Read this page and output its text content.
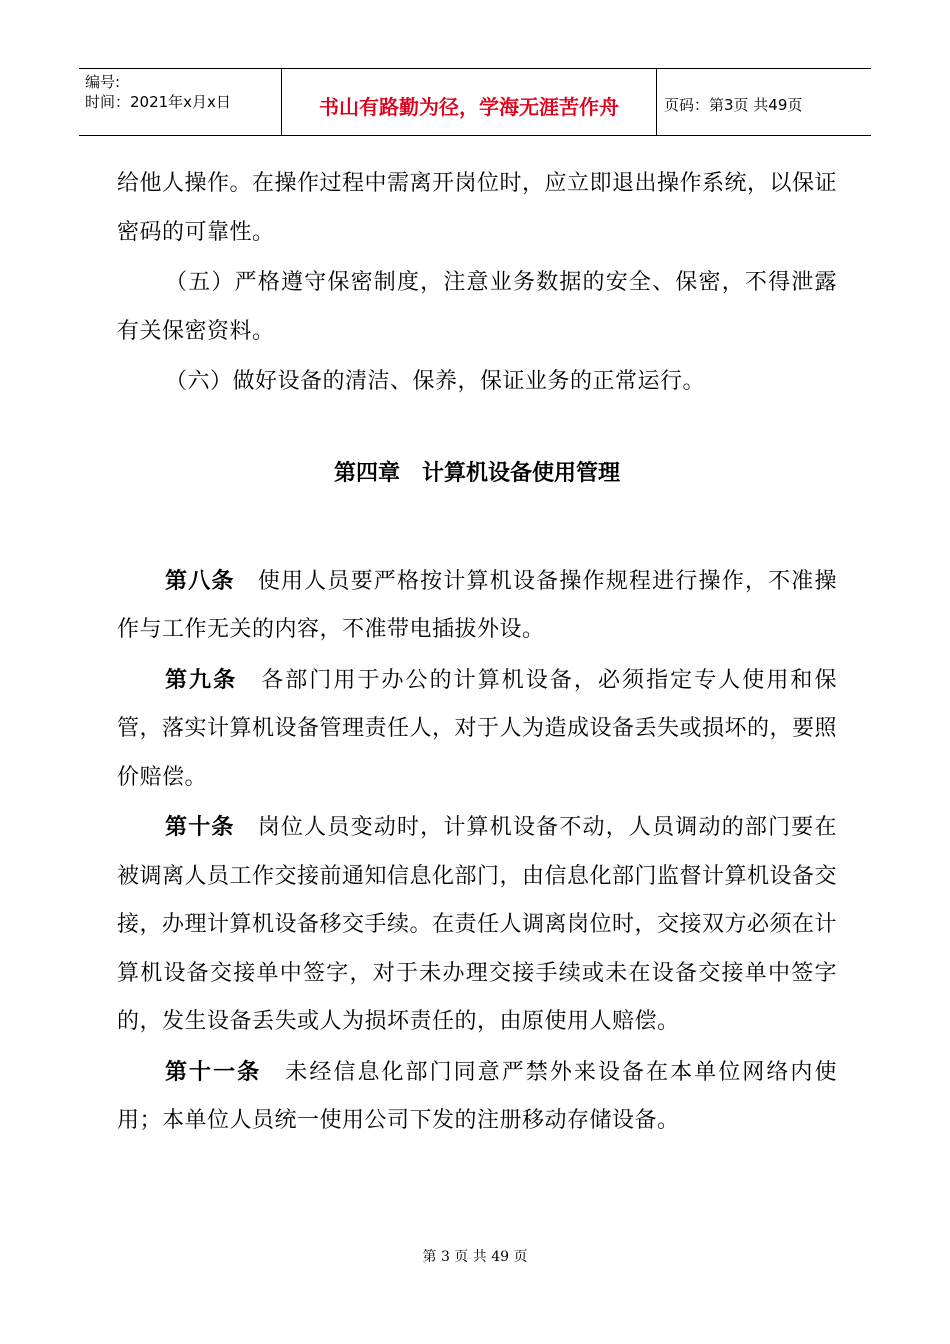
编号:
时间：2021年x月x日	书山有路勤为径，学海无涯苦作舟	页码：第3页 共49页

给他人操作。在操作过程中需离开岗位时，应立即退出操作系统，以保证密码的可靠性。

（五）严格遵守保密制度，注意业务数据的安全、保密，不得泄露有关保密资料。

（六）做好设备的清洁、保养，保证业务的正常运行。

第四章　计算机设备使用管理

第八条　 使用人员要严格按计算机设备操作规程进行操作，不准操作与工作无关的内容，不准带电插拔外设。

第九条　 各部门用于办公的计算机设备，必须指定专人使用和保管，落实计算机设备管理责任人，对于人为造成设备丢失或损坏的，要照价赔偿。

第十条　 岗位人员变动时，计算机设备不动，人员调动的部门要在被调离人员工作交接前通知信息化部门，由信息化部门监督计算机设备交接，办理计算机设备移交手续。在责任人调离岗位时，交接双方必须在计算机设备交接单中签字，对于未办理交接手续或未在设备交接单中签字的，发生设备丢失或人为损坏责任的，由原使用人赔偿。

第十一条　 未经信息化部门同意严禁外来设备在本单位网络内使用；本单位人员统一使用公司下发的注册移动存储设备。

第 3 页 共 49 页
